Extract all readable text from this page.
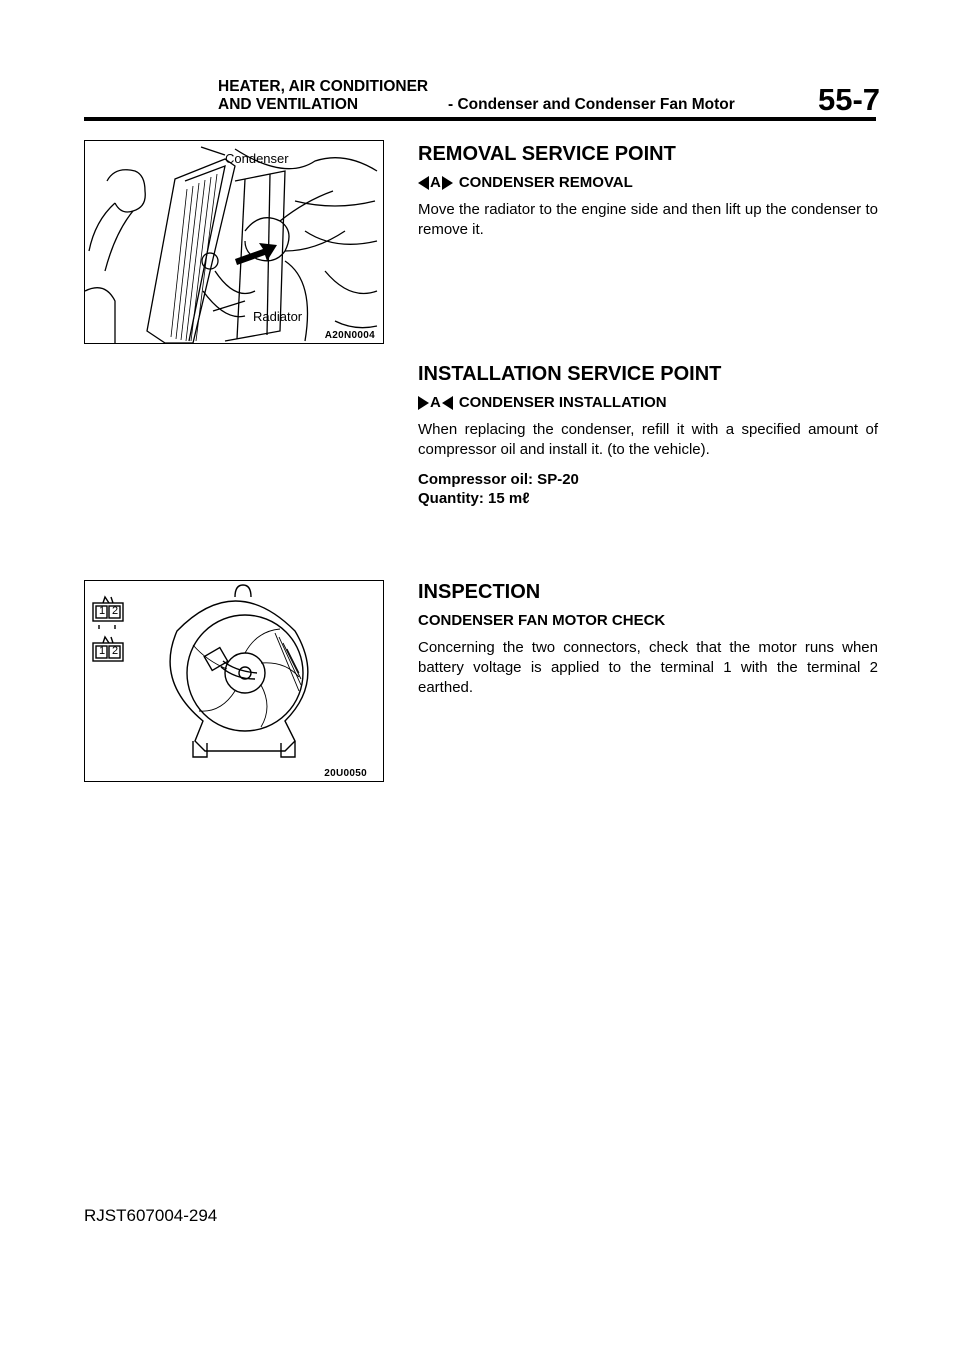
HEATER, AIR CONDITIONER
AND VENTILATION	- Condenser and Condenser Fan Motor	55-7
Condenser
Radiator
A20N0004
1 2
1 2
20U0050
REMOVAL SERVICE POINT
A CONDENSER REMOVAL

Move the radiator to the engine side and then lift up the condenser to remove it.

INSTALLATION SERVICE POINT
A CONDENSER INSTALLATION

When replacing the condenser, refill it with a specified amount of compressor oil and install it. (to the vehicle).

Compressor oil: SP-20
Quantity: 15 mℓ
INSPECTION
CONDENSER FAN MOTOR CHECK

Concerning the two connectors, check that the motor runs when battery voltage is applied to the terminal 1 with the terminal 2 earthed.

RJST607004-294
